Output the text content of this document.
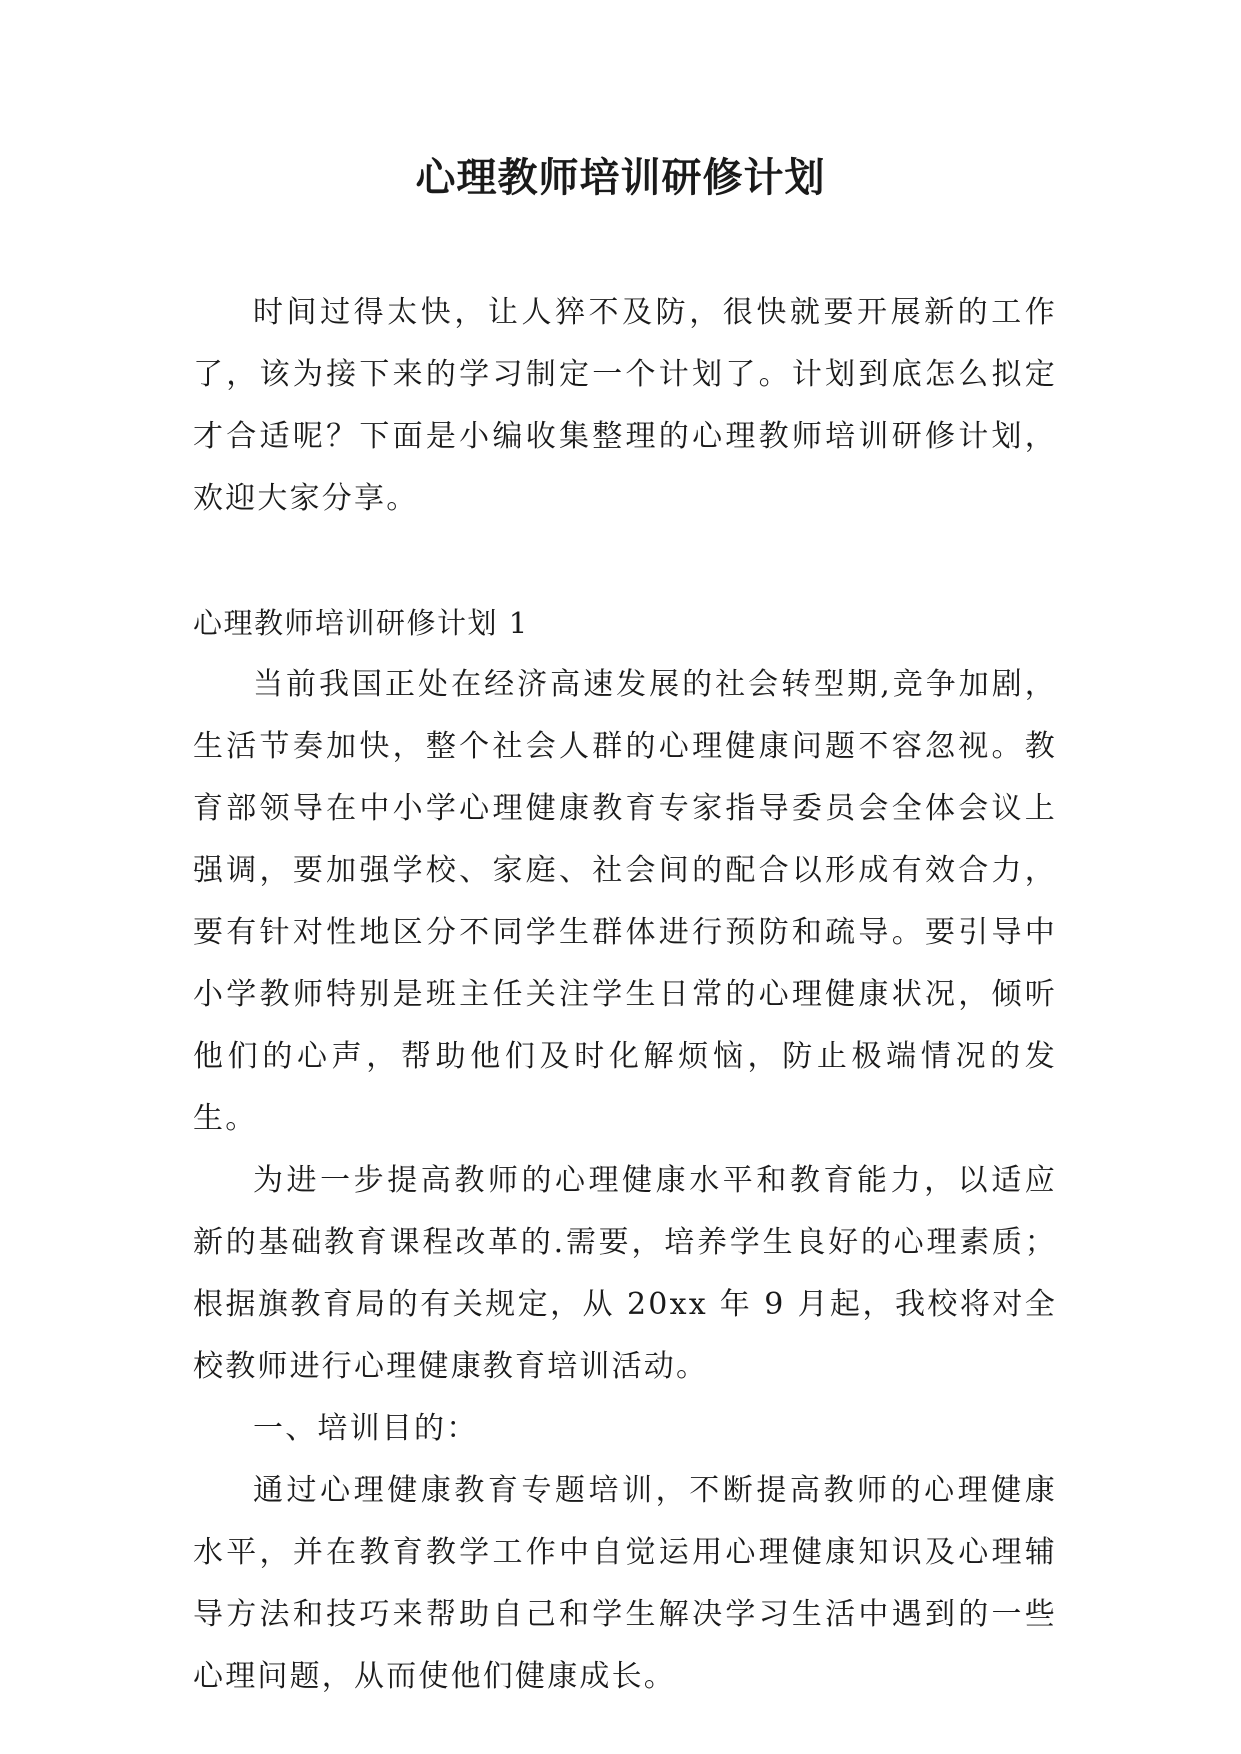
心理教师培训研修计划

时间过得太快，让人猝不及防，很快就要开展新的工作了，该为接下来的学习制定一个计划了。计划到底怎么拟定才合适呢？下面是小编收集整理的心理教师培训研修计划，欢迎大家分享。

心理教师培训研修计划 1

当前我国正处在经济高速发展的社会转型期,竞争加剧，生活节奏加快，整个社会人群的心理健康问题不容忽视。教育部领导在中小学心理健康教育专家指导委员会全体会议上强调，要加强学校、家庭、社会间的配合以形成有效合力，要有针对性地区分不同学生群体进行预防和疏导。要引导中小学教师特别是班主任关注学生日常的心理健康状况，倾听他们的心声，帮助他们及时化解烦恼，防止极端情况的发生。

为进一步提高教师的心理健康水平和教育能力，以适应新的基础教育课程改革的.需要，培养学生良好的心理素质；根据旗教育局的有关规定，从 20xx 年 9 月起，我校将对全校教师进行心理健康教育培训活动。

一、培训目的：

通过心理健康教育专题培训，不断提高教师的心理健康水平，并在教育教学工作中自觉运用心理健康知识及心理辅导方法和技巧来帮助自己和学生解决学习生活中遇到的一些心理问题，从而使他们健康成长。
